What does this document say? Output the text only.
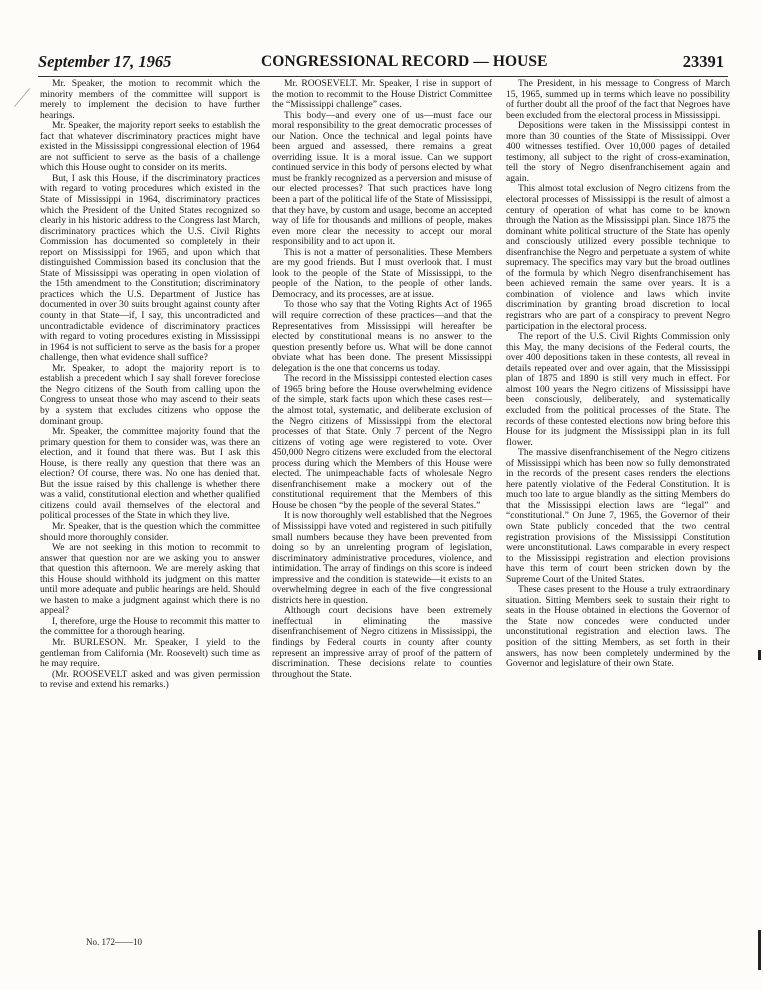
September 17, 1965	CONGRESSIONAL RECORD — HOUSE	23391

Mr. Speaker, the motion to recommit which the minority members of the committee will support is merely to implement the decision to have further hearings.

Mr. Speaker, the majority report seeks to establish the fact that whatever discriminatory practices might have existed in the Mississippi congressional election of 1964 are not sufficient to serve as the basis of a challenge which this House ought to consider on its merits.

But, I ask this House, if the discriminatory practices with regard to voting procedures which existed in the State of Mississippi in 1964, discriminatory practices which the President of the United States recognized so clearly in his historic address to the Congress last March, discriminatory practices which the U.S. Civil Rights Commission has documented so completely in their report on Mississippi for 1965, and upon which that distinguished Commission based its conclusion that the State of Mississippi was operating in open violation of the 15th amendment to the Constitution; discriminatory practices which the U.S. Department of Justice has documented in over 30 suits brought against county after county in that State—if, I say, this uncontradicted and uncontradictable evidence of discriminatory practices with regard to voting procedures existing in Mississippi in 1964 is not sufficient to serve as the basis for a proper challenge, then what evidence shall suffice?

Mr. Speaker, to adopt the majority report is to establish a precedent which I say shall forever foreclose the Negro citizens of the South from calling upon the Congress to unseat those who may ascend to their seats by a system that excludes citizens who oppose the dominant group.

Mr. Speaker, the committee majority found that the primary question for them to consider was, was there an election, and it found that there was. But I ask this House, is there really any question that there was an election? Of course, there was. No one has denied that. But the issue raised by this challenge is whether there was a valid, constitutional election and whether qualified citizens could avail themselves of the electoral and political processes of the State in which they live.

Mr. Speaker, that is the question which the committee should more thoroughly consider.

We are not seeking in this motion to recommit to answer that question nor are we asking you to answer that question this afternoon. We are merely asking that this House should withhold its judgment on this matter until more adequate and public hearings are held. Should we hasten to make a judgment against which there is no appeal?

I, therefore, urge the House to recommit this matter to the committee for a thorough hearing.

Mr. BURLESON. Mr. Speaker, I yield to the gentleman from California (Mr. Roosevelt) such time as he may require.

(Mr. ROOSEVELT asked and was given permission to revise and extend his remarks.)

Mr. ROOSEVELT. Mr. Speaker, I rise in support of the motion to recommit to the House District Committee the “Mississippi challenge” cases.

This body—and every one of us—must face our moral responsibility to the great democratic processes of our Nation. Once the technical and legal points have been argued and assessed, there remains a great overriding issue. It is a moral issue. Can we support continued service in this body of persons elected by what must be frankly recognized as a perversion and misuse of our elected processes? That such practices have long been a part of the political life of the State of Mississippi, that they have, by custom and usage, become an accepted way of life for thousands and millions of people, makes even more clear the necessity to accept our moral responsibility and to act upon it.

This is not a matter of personalities. These Members are my good friends. But I must overlook that. I must look to the people of the State of Mississippi, to the people of the Nation, to the people of other lands. Democracy, and its processes, are at issue.

To those who say that the Voting Rights Act of 1965 will require correction of these practices—and that the Representatives from Mississippi will hereafter be elected by constitutional means is no answer to the question presently before us. What will be done cannot obviate what has been done. The present Mississippi delegation is the one that concerns us today.

The record in the Mississippi contested election cases of 1965 bring before the House overwhelming evidence of the simple, stark facts upon which these cases rest—the almost total, systematic, and deliberate exclusion of the Negro citizens of Mississippi from the electoral processes of that State. Only 7 percent of the Negro citizens of voting age were registered to vote. Over 450,000 Negro citizens were excluded from the electoral process during which the Members of this House were elected. The unimpeachable facts of wholesale Negro disenfranchisement make a mockery out of the constitutional requirement that the Members of this House be chosen “by the people of the several States.”

It is now thoroughly well established that the Negroes of Mississippi have voted and registered in such pitifully small numbers because they have been prevented from doing so by an unrelenting program of legislation, discriminatory administrative procedures, violence, and intimidation. The array of findings on this score is indeed impressive and the condition is statewide—it exists to an overwhelming degree in each of the five congressional districts here in question.

Although court decisions have been extremely ineffectual in eliminating the massive disenfranchisement of Negro citizens in Mississippi, the findings by Federal courts in county after county represent an impressive array of proof of the pattern of discrimination. These decisions relate to counties throughout the State.

The President, in his message to Congress of March 15, 1965, summed up in terms which leave no possibility of further doubt all the proof of the fact that Negroes have been excluded from the electoral process in Mississippi.

Depositions were taken in the Mississippi contest in more than 30 counties of the State of Mississippi. Over 400 witnesses testified. Over 10,000 pages of detailed testimony, all subject to the right of cross-examination, tell the story of Negro disenfranchisement again and again.

This almost total exclusion of Negro citizens from the electoral processes of Mississippi is the result of almost a century of operation of what has come to be known through the Nation as the Mississippi plan. Since 1875 the dominant white political structure of the State has openly and consciously utilized every possible technique to disenfranchise the Negro and perpetuate a system of white supremacy. The specifics may vary but the broad outlines of the formula by which Negro disenfranchisement has been achieved remain the same over years. It is a combination of violence and laws which invite discrimination by granting broad discretion to local registrars who are part of a conspiracy to prevent Negro participation in the electoral process.

The report of the U.S. Civil Rights Commission only this May, the many decisions of the Federal courts, the over 400 depositions taken in these contests, all reveal in details repeated over and over again, that the Mississippi plan of 1875 and 1890 is still very much in effect. For almost 100 years the Negro citizens of Mississippi have been consciously, deliberately, and systematically excluded from the political processes of the State. The records of these contested elections now bring before this House for its judgment the Mississippi plan in its full flower.

The massive disenfranchisement of the Negro citizens of Mississippi which has been now so fully demonstrated in the records of the present cases renders the elections here patently violative of the Federal Constitution. It is much too late to argue blandly as the sitting Members do that the Mississippi election laws are “legal” and “constitutional.” On June 7, 1965, the Governor of their own State publicly conceded that the two central registration provisions of the Mississippi Constitution were unconstitutional. Laws comparable in every respect to the Mississippi registration and election provisions have this term of court been stricken down by the Supreme Court of the United States.

These cases present to the House a truly extraordinary situation. Sitting Members seek to sustain their right to seats in the House obtained in elections the Governor of the State now concedes were conducted under unconstitutional registration and election laws. The position of the sitting Members, as set forth in their answers, has now been completely undermined by the Governor and legislature of their own State.

No. 172——10
